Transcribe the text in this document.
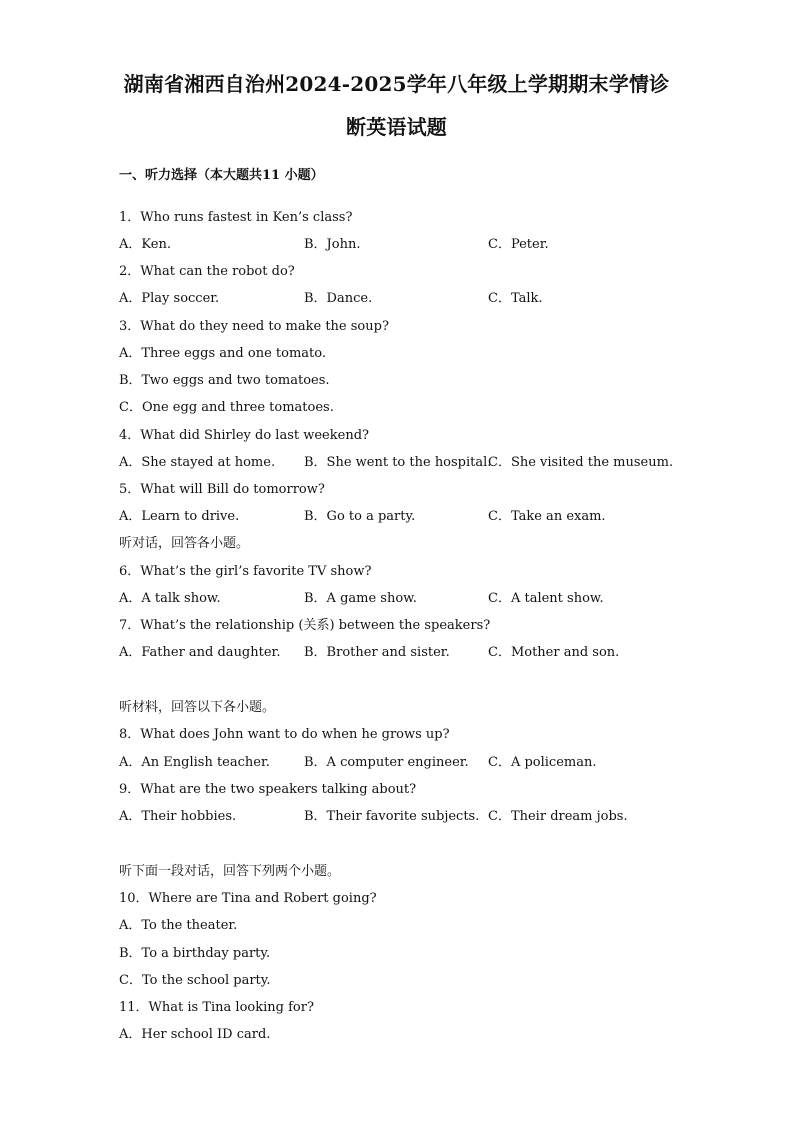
湖南省湘西自治州2024-2025学年八年级上学期期末学情诊
断英语试题
一、听力选择（本大题共11 小题）
1．Who runs fastest in Ken’s class?
A．Ken.	B．John.	C．Peter.
2．What can the robot do?
A．Play soccer.	B．Dance.	C．Talk.
3．What do they need to make the soup?
A．Three eggs and one tomato.
B．Two eggs and two tomatoes.
C．One egg and three tomatoes.
4．What did Shirley do last weekend?
A．She stayed at home. B．She went to the hospital.
C．She visited the museum.
5．What will Bill do tomorrow?
A．Learn to drive.	B．Go to a party.	C．Take an exam.
听对话，回答各小题。
6．What’s the girl’s favorite TV show?
A．A talk show.	B．A game show.	C．A talent show.
7．What’s the relationship (关系) between the speakers?
A．Father and daughter. B．Brother and sister.	C．Mother and son.
听材料，回答以下各小题。
8．What does John want to do when he grows up?
A．An English teacher.	B．A computer engineer. C．A policeman.
9．What are the two speakers talking about?
A．Their hobbies.	B．Their favorite subjects. C．Their dream jobs.
听下面一段对话，回答下列两个小题。
10．Where are Tina and Robert going?
A．To the theater.
B．To a birthday party.
C．To the school party.
11．What is Tina looking for?
A．Her school ID card.
